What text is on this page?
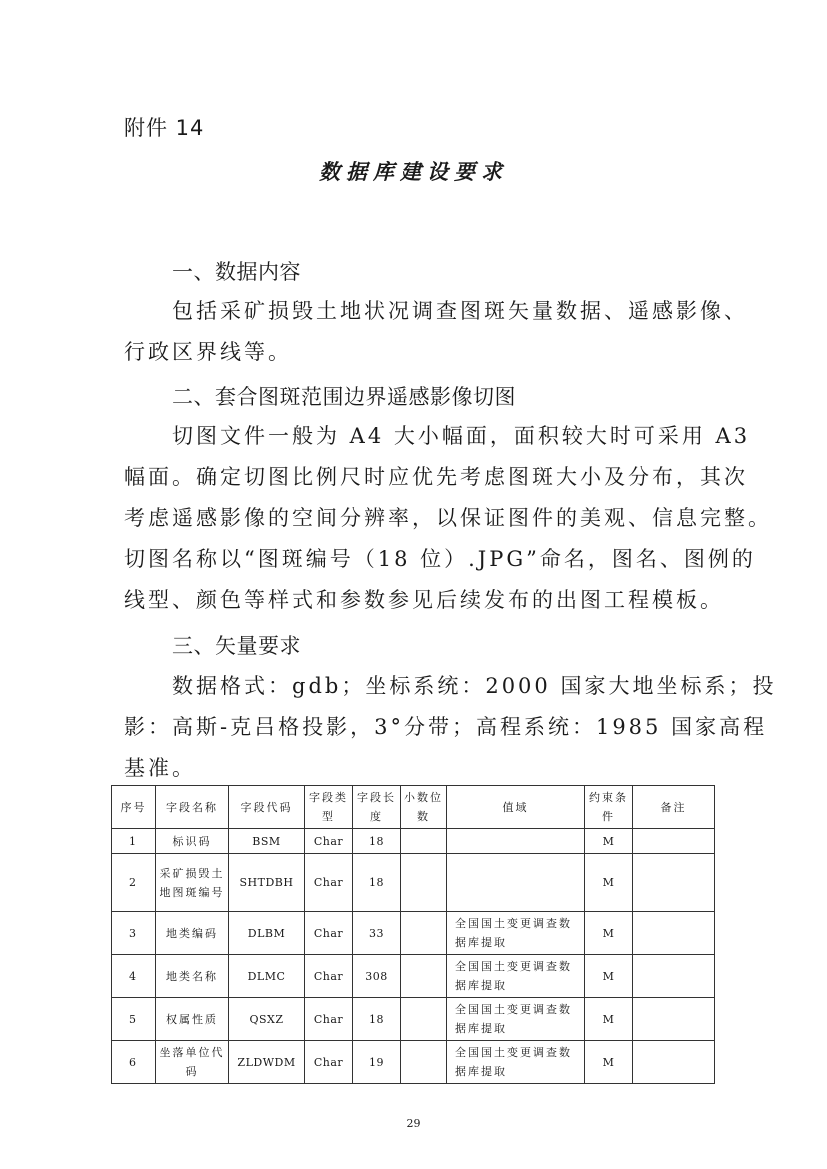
附件 14
数据库建设要求
一、数据内容
包括采矿损毁土地状况调查图斑矢量数据、遥感影像、
行政区界线等。
二、套合图斑范围边界遥感影像切图
切图文件一般为 A4 大小幅面，面积较大时可采用 A3
幅面。确定切图比例尺时应优先考虑图斑大小及分布，其次
考虑遥感影像的空间分辨率，以保证图件的美观、信息完整。
切图名称以“图斑编号（18 位）.JPG”命名，图名、图例的
线型、颜色等样式和参数参见后续发布的出图工程模板。
三、矢量要求
数据格式：gdb；坐标系统：2000 国家大地坐标系；投
影：高斯-克吕格投影，3°分带；高程系统：1985 国家高程
基准。
序号	字段名称	字段代码	字段类型	字段长度	小数位数	值域	约束条件	备注
1	标识码	BSM	Char	18			M	
2	采矿损毁土地图斑编号	SHTDBH	Char	18			M	
3	地类编码	DLBM	Char	33		全国国土变更调查数据库提取	M	
4	地类名称	DLMC	Char	308		全国国土变更调查数据库提取	M	
5	权属性质	QSXZ	Char	18		全国国土变更调查数据库提取	M	
6	坐落单位代码	ZLDWDM	Char	19		全国国土变更调查数据库提取	M	
29
